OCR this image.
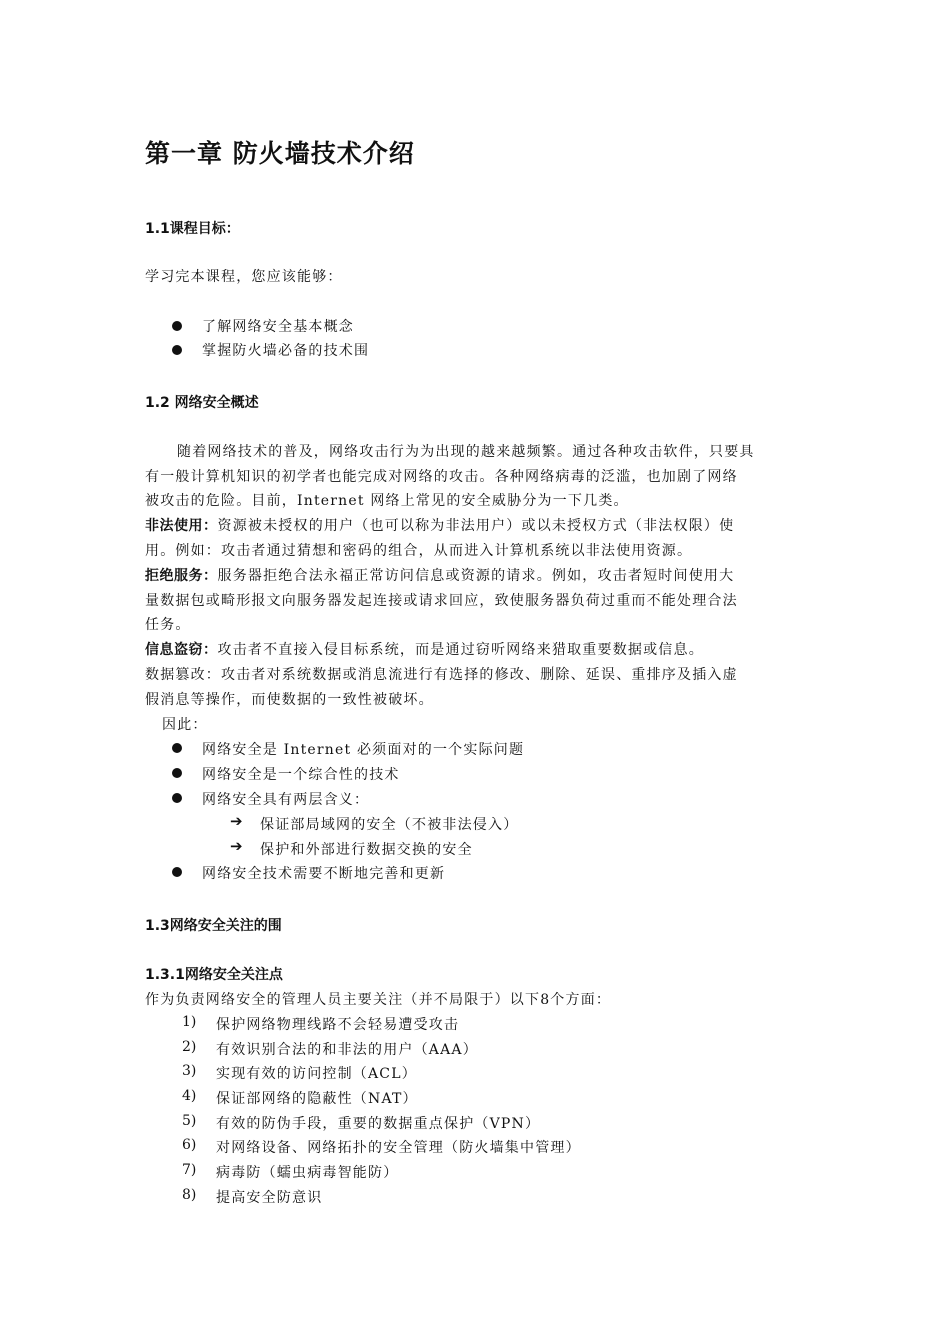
第一章 防火墙技术介绍
1.1课程目标：
学习完本课程，您应该能够：
了解网络安全基本概念
掌握防火墙必备的技术围
1.2 网络安全概述
随着网络技术的普及，网络攻击行为为出现的越来越频繁。通过各种攻击软件，只要具
有一般计算机知识的初学者也能完成对网络的攻击。各种网络病毒的泛滥，也加剧了网络
被攻击的危险。目前，Internet 网络上常见的安全威胁分为一下几类。
非法使用：资源被未授权的用户（也可以称为非法用户）或以未授权方式（非法权限）使
用。例如：攻击者通过猜想和密码的组合，从而进入计算机系统以非法使用资源。
拒绝服务：服务器拒绝合法永福正常访问信息或资源的请求。例如，攻击者短时间使用大
量数据包或畸形报文向服务器发起连接或请求回应，致使服务器负荷过重而不能处理合法
任务。
信息盗窃：攻击者不直接入侵目标系统，而是通过窃听网络来猎取重要数据或信息。
数据篡改：攻击者对系统数据或消息流进行有选择的修改、删除、延误、重排序及插入虚
假消息等操作，而使数据的一致性被破坏。
因此：
网络安全是 Internet 必须面对的一个实际问题
网络安全是一个综合性的技术
网络安全具有两层含义：
➔ 保证部局域网的安全（不被非法侵入）
➔ 保护和外部进行数据交换的安全
网络安全技术需要不断地完善和更新
1.3网络安全关注的围
1.3.1网络安全关注点
作为负责网络安全的管理人员主要关注（并不局限于）以下8个方面：
1) 保护网络物理线路不会轻易遭受攻击
2) 有效识别合法的和非法的用户（AAA）
3) 实现有效的访问控制（ACL）
4) 保证部网络的隐蔽性（NAT）
5) 有效的防伪手段，重要的数据重点保护（VPN）
6) 对网络设备、网络拓扑的安全管理（防火墙集中管理）
7) 病毒防（蠕虫病毒智能防）
8) 提高安全防意识
